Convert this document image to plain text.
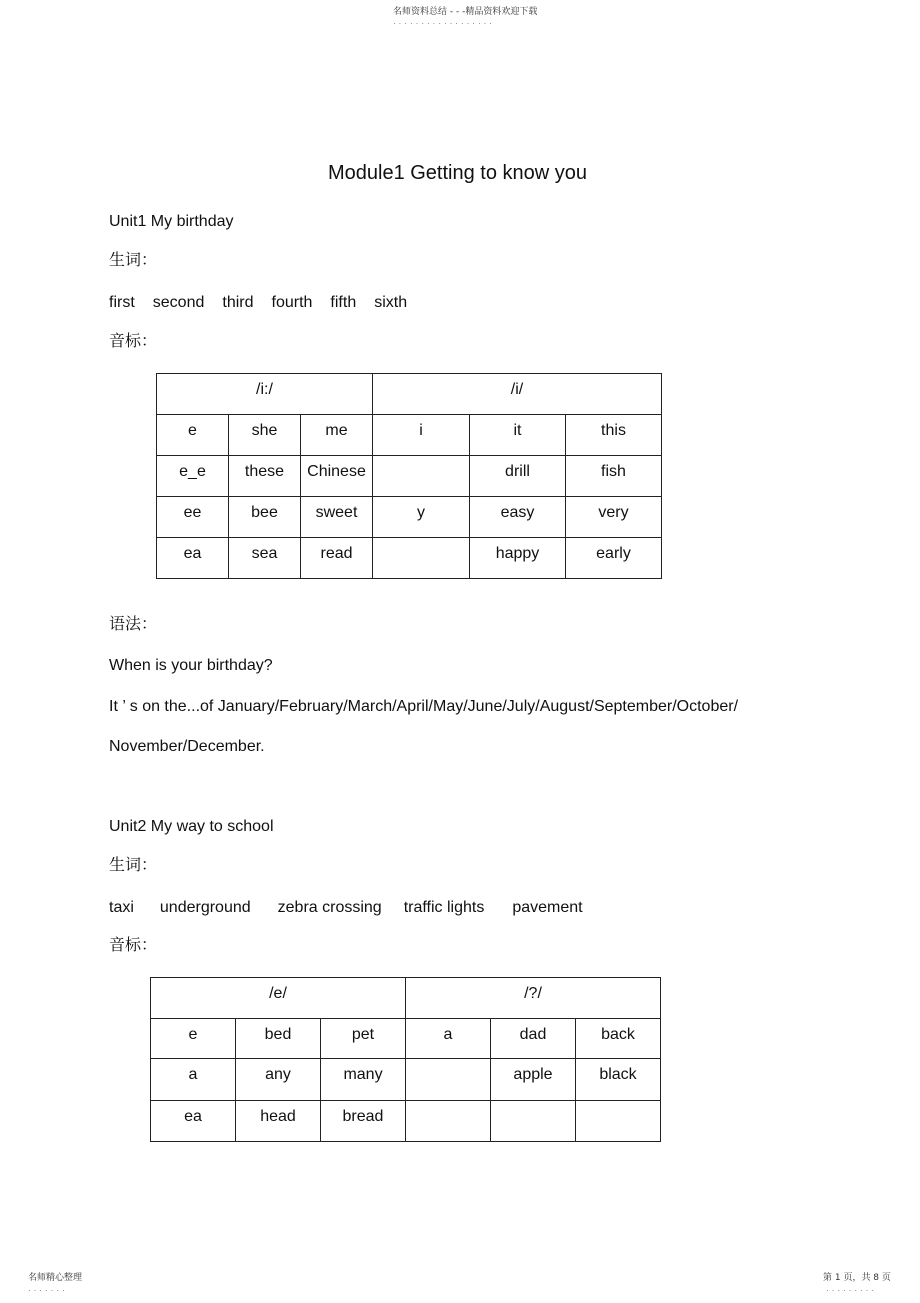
名师资料总结 - - -精品资料欢迎下载
··················
Module1 Getting to know you
Unit1 My birthday
生词：
first second third fourth fifth sixth
音标：
/i:/			/i/		
e	she	me	i	it	this
e_e	these	Chinese		drill	fish
ee	bee	sweet	y	easy	very
ea	sea	read		happy	early
语法：
When is your birthday?
It ’ s on the...of January/February/March/April/May/June/July/August/September/October/
November/December.
Unit2 My way to school
生词：
taxi underground zebra crossing traffic lights pavement
音标：
/e/			/?/		
e	bed	pet	a	dad	back
a	any	many		apple	black
ea	head	bread			
名师精心整理
·······
第 1 页，共 8 页
·········
